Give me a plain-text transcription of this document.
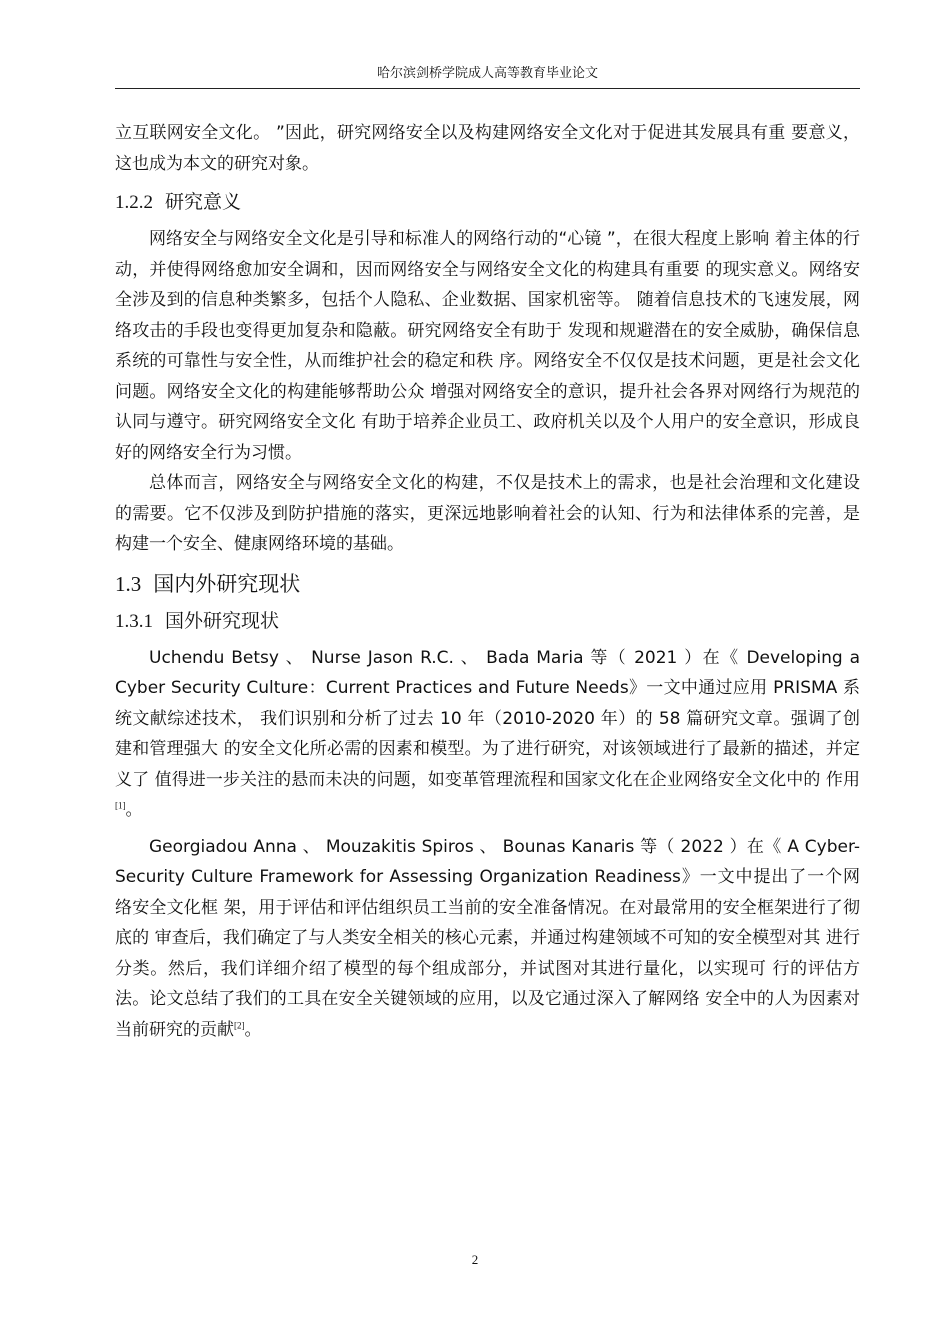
哈尔滨剑桥学院成人高等教育毕业论文

立互联网安全文化。 ”因此，研究网络安全以及构建网络安全文化对于促进其发展具有重 要意义，这也成为本文的研究对象。

1.2.2 研究意义

网络安全与网络安全文化是引导和标准人的网络行动的“心镜 ”，在很大程度上影响 着主体的行动，并使得网络愈加安全调和，因而网络安全与网络安全文化的构建具有重要 的现实意义。网络安全涉及到的信息种类繁多，包括个人隐私、企业数据、国家机密等。 随着信息技术的飞速发展，网络攻击的手段也变得更加复杂和隐蔽。研究网络安全有助于 发现和规避潜在的安全威胁，确保信息系统的可靠性与安全性，从而维护社会的稳定和秩 序。网络安全不仅仅是技术问题，更是社会文化问题。网络安全文化的构建能够帮助公众 增强对网络安全的意识，提升社会各界对网络行为规范的认同与遵守。研究网络安全文化 有助于培养企业员工、政府机关以及个人用户的安全意识，形成良好的网络安全行为习惯。

总体而言，网络安全与网络安全文化的构建，不仅是技术上的需求，也是社会治理和文化建设的需要。它不仅涉及到防护措施的落实，更深远地影响着社会的认知、行为和法律体系的完善，是构建一个安全、健康网络环境的基础。

1.3 国内外研究现状
1.3.1 国外研究现状

Uchendu Betsy 、 Nurse Jason R.C. 、 Bada Maria 等（ 2021 ）在《 Developing a Cyber Security Culture：Current Practices and Future Needs》一文中通过应用 PRISMA 系统文献综述技术， 我们识别和分析了过去 10 年（2010-2020 年）的 58 篇研究文章。强调了创建和管理强大 的安全文化所必需的因素和模型。为了进行研究，对该领域进行了最新的描述，并定义了 值得进一步关注的悬而未决的问题，如变革管理流程和国家文化在企业网络安全文化中的 作用[1]。

Georgiadou Anna 、 Mouzakitis Spiros 、 Bounas Kanaris 等（ 2022 ）在《 A Cyber-Security Culture Framework for Assessing Organization Readiness》一文中提出了一个网络安全文化框 架，用于评估和评估组织员工当前的安全准备情况。在对最常用的安全框架进行了彻底的 审查后，我们确定了与人类安全相关的核心元素，并通过构建领域不可知的安全模型对其 进行分类。然后，我们详细介绍了模型的每个组成部分，并试图对其进行量化，以实现可 行的评估方法。论文总结了我们的工具在安全关键领域的应用，以及它通过深入了解网络 安全中的人为因素对当前研究的贡献[2]。

2
